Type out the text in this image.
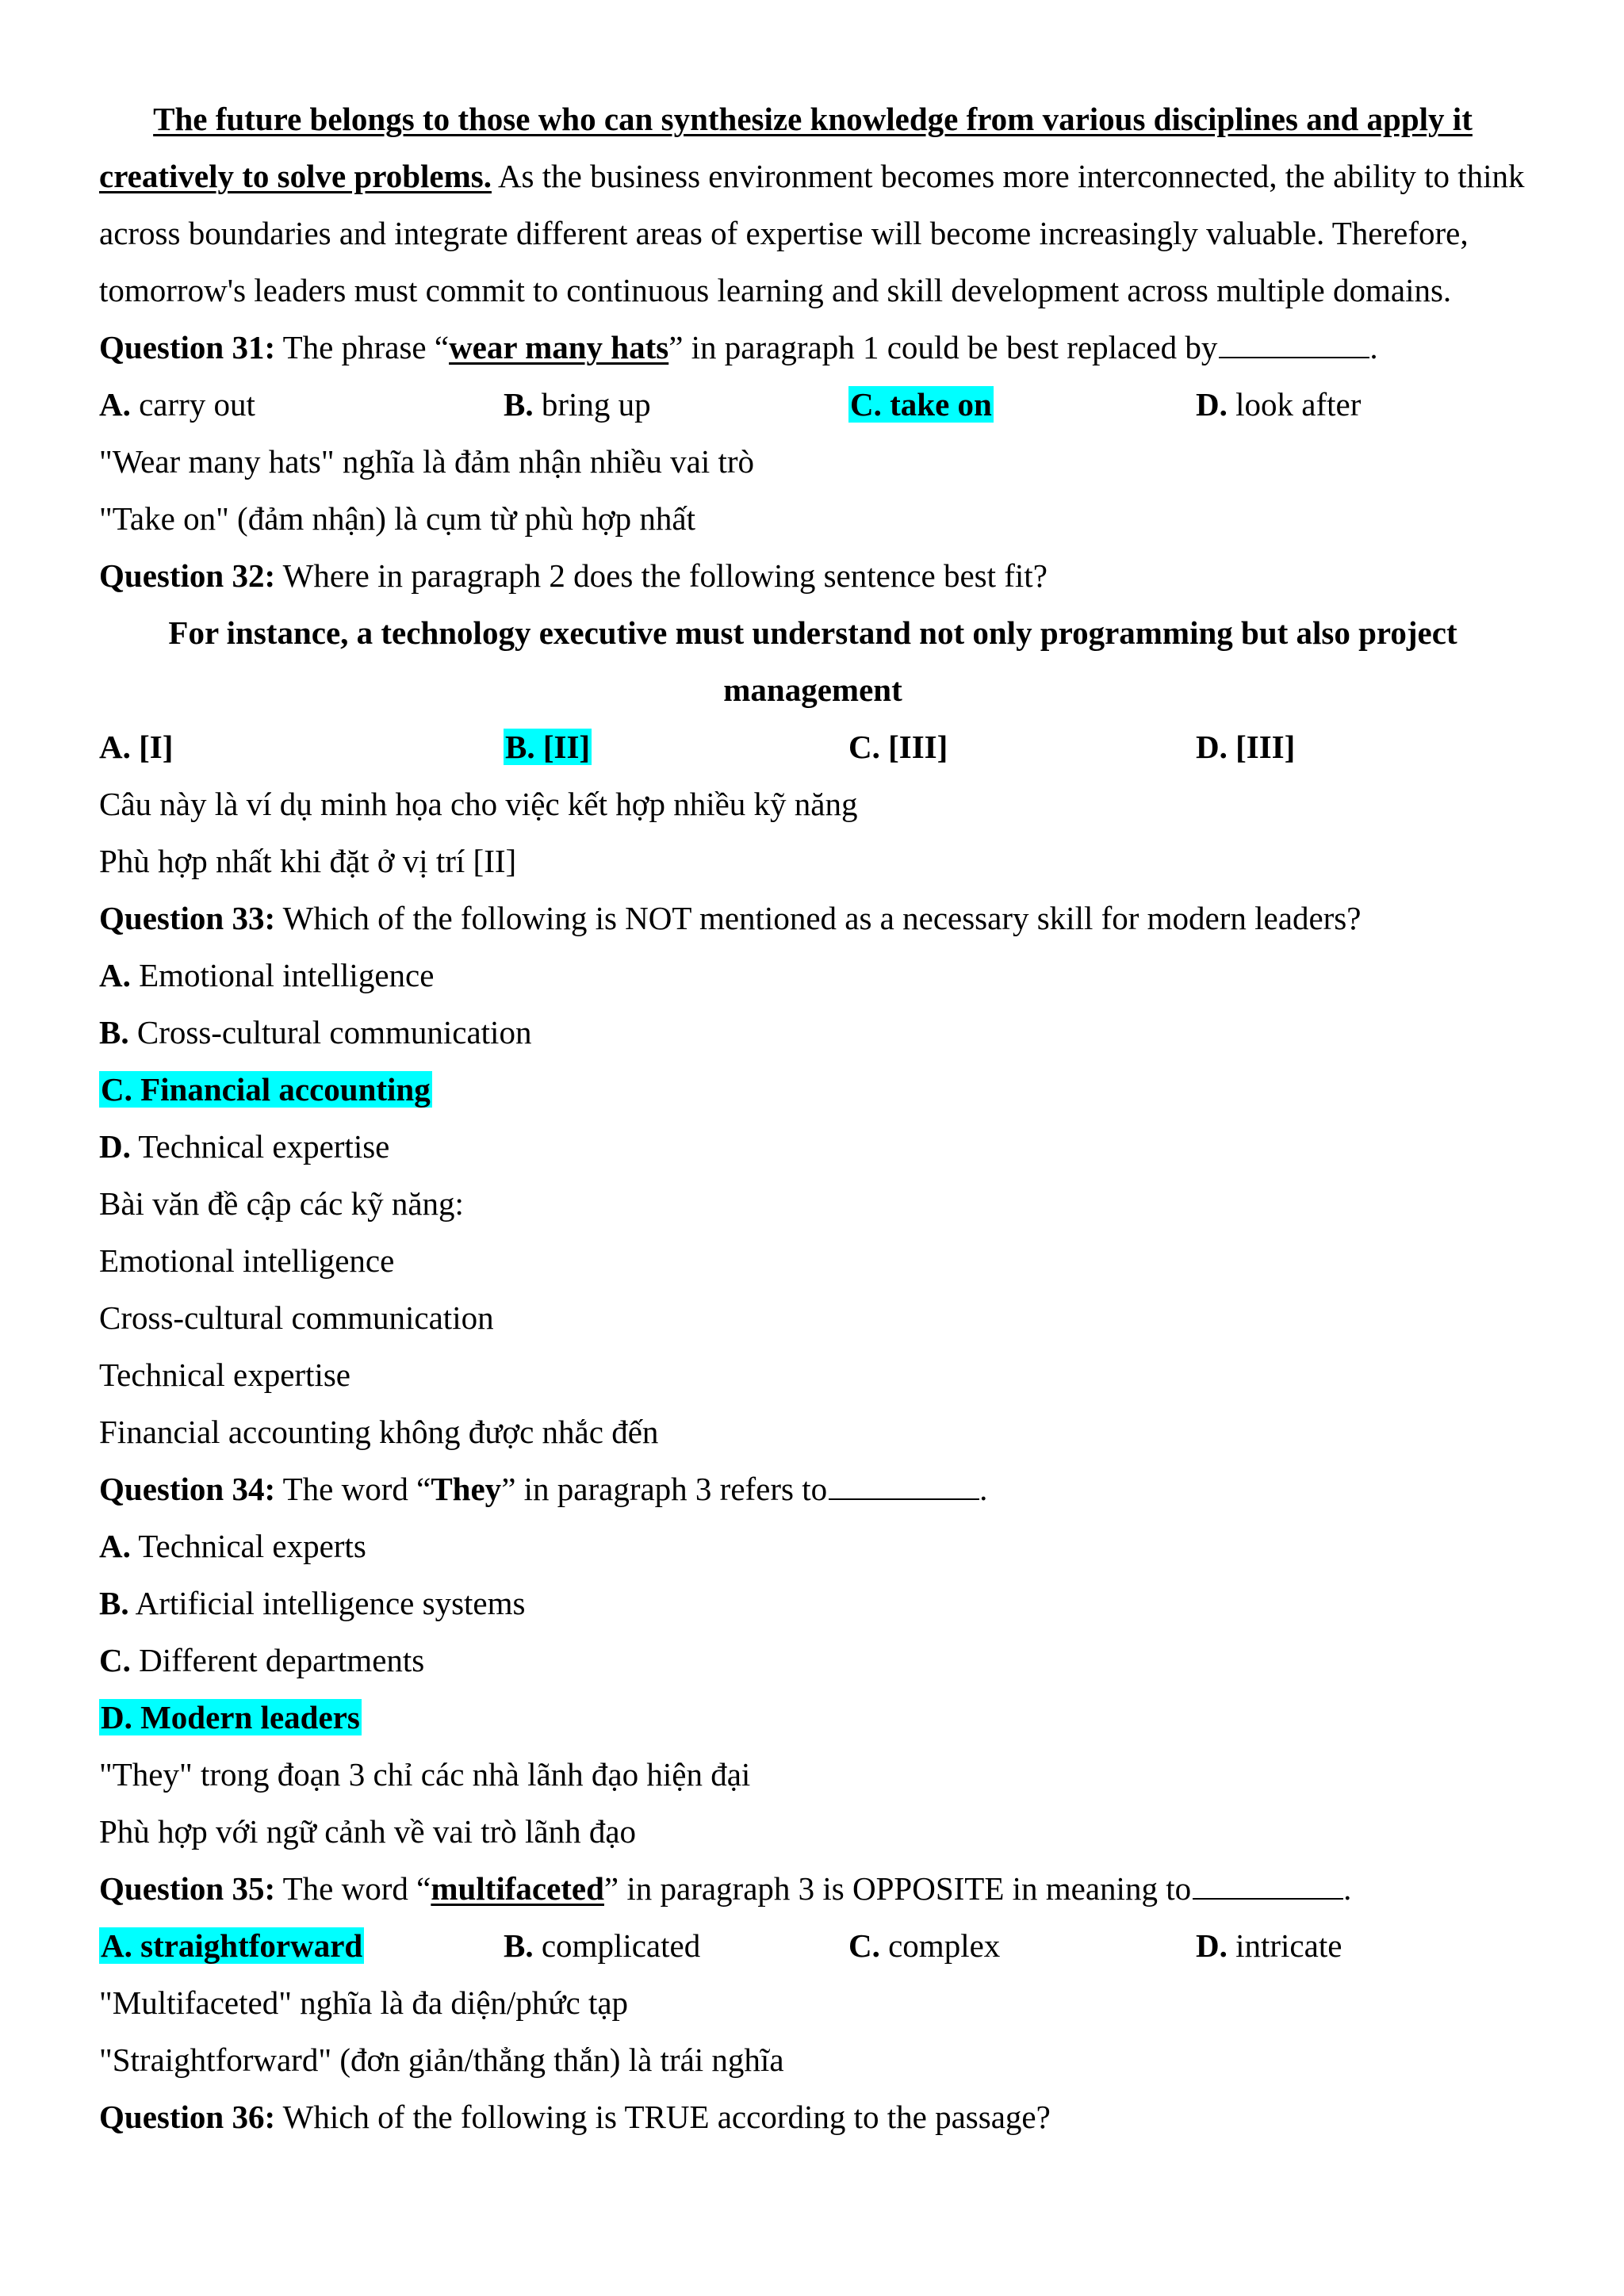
The future belongs to those who can synthesize knowledge from various disciplines and apply it
creatively to solve problems. As the business environment becomes more interconnected, the ability to think
across boundaries and integrate different areas of expertise will become increasingly valuable. Therefore,
tomorrow's leaders must commit to continuous learning and skill development across multiple domains.
Question 31: The phrase “wear many hats” in paragraph 1 could be best replaced by	.
A. carry out	B. bring up	C. take on	D. look after
"Wear many hats" nghĩa là đảm nhận nhiều vai trò
"Take on" (đảm nhận) là cụm từ phù hợp nhất
Question 32: Where in paragraph 2 does the following sentence best fit?
For instance, a technology executive must understand not only programming but also project
management
A. [I]	B. [II]	C. [III]	D. [III]
Câu này là ví dụ minh họa cho việc kết hợp nhiều kỹ năng
Phù hợp nhất khi đặt ở vị trí [II]
Question 33: Which of the following is NOT mentioned as a necessary skill for modern leaders?
A. Emotional intelligence
B. Cross-cultural communication
C. Financial accounting
D. Technical expertise
Bài văn đề cập các kỹ năng:
Emotional intelligence
Cross-cultural communication
Technical expertise
Financial accounting không được nhắc đến
Question 34: The word “They” in paragraph 3 refers to	.
A. Technical experts
B. Artificial intelligence systems
C. Different departments
D. Modern leaders
"They" trong đoạn 3 chỉ các nhà lãnh đạo hiện đại
Phù hợp với ngữ cảnh về vai trò lãnh đạo
Question 35: The word “multifaceted” in paragraph 3 is OPPOSITE in meaning to	.
A. straightforward	B. complicated	C. complex	D. intricate
"Multifaceted" nghĩa là đa diện/phức tạp
"Straightforward" (đơn giản/thẳng thắn) là trái nghĩa
Question 36: Which of the following is TRUE according to the passage?
